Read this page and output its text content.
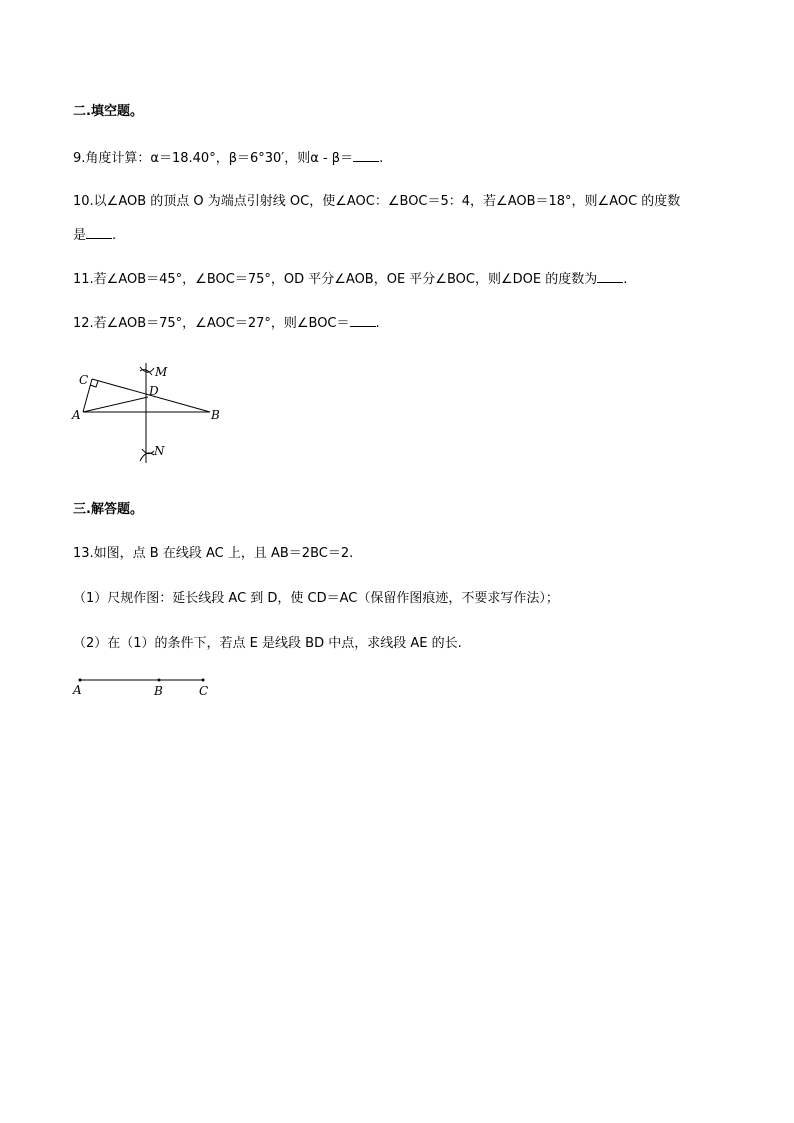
二.填空题。
9.角度计算：α＝18.40°，β＝6°30′，则α - β＝ .
10.以∠AOB 的顶点 O 为端点引射线 OC，使∠AOC：∠BOC＝5：4，若∠AOB＝18°，则∠AOC 的度数
是 .
11.若∠AOB＝45°，∠BOC＝75°，OD 平分∠AOB，OE 平分∠BOC，则∠DOE 的度数为 .
12.若∠AOB＝75°，∠AOC＝27°，则∠BOC＝ .
C
M
D
A	B
N
三.解答题。
13.如图，点 B 在线段 AC 上，且 AB＝2BC＝2.
（1）尺规作图：延长线段 AC 到 D，使 CD＝AC（保留作图痕迹，不要求写作法）；
（2）在（1）的条件下，若点 E 是线段 BD 中点，求线段 AE 的长.
A	B	C
